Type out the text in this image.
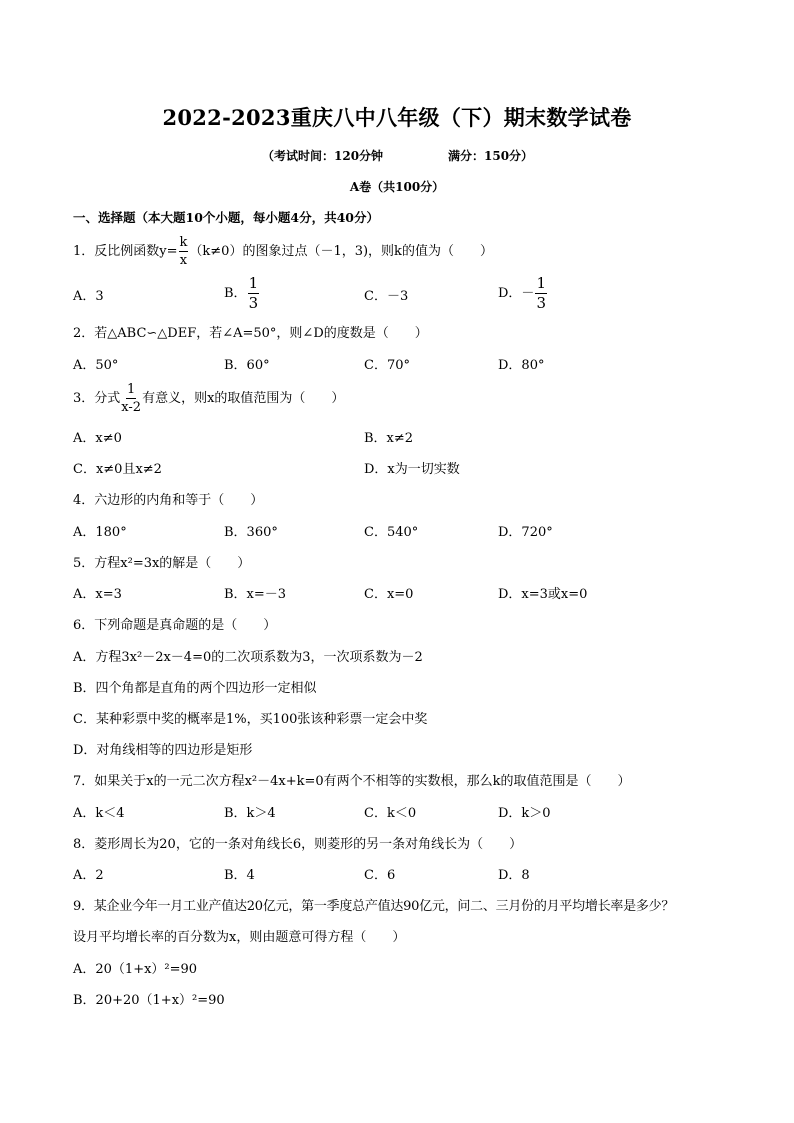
2022-2023重庆八中八年级（下）期末数学试卷
（考试时间：120分钟	满分：150分）
A卷（共100分）
一、选择题（本大题10个小题，每小题4分，共40分）
1．反比例函数$y= \frac{k}{x} (k\ne 0)$的图象过点（－1，3)，则k的值为（　　）
A．3	B． $\frac{1}{3}$	C．－3	D．－ $\frac{1}{3}$
2．若△ABC∽△DEF，若∠A=50°，则∠D的度数是（　　）
A．50°	B．60°	C．70°	D．80°
3．分式 $\frac{1}{x-2}$ 有意义，则x的取值范围为（　　）
A．x≠0	B．x≠2
C．x≠0且x≠2	D．x为一切实数
4．六边形的内角和等于（　　）
A．180°	B．360°	C．540°	D．720°
5．方程x²=3x的解是（　　）
A．x=3	B．x=－3	C．x=0	D．x=3或x=0
6．下列命题是真命题的是（　　）
A．方程3x²－2x－4=0的二次项系数为3，一次项系数为－2
B．四个角都是直角的两个四边形一定相似
C．某种彩票中奖的概率是1%，买100张该种彩票一定会中奖
D．对角线相等的四边形是矩形
7．如果关于x的一元二次方程x²－4x+k=0有两个不相等的实数根，那么k的取值范围是（　　）
A．k＜4	B．k＞4	C．k＜0	D．k＞0
8．菱形周长为20，它的一条对角线长6，则菱形的另一条对角线长为（　　）
A．2	B．4	C．6	D．8
9．某企业今年一月工业产值达20亿元，第一季度总产值达90亿元，问二、三月份的月平均增长率是多少？
设月平均增长率的百分数为x，则由题意可得方程（　　）
A．20（1+x）²=90
B．20+20（1+x）²=90
